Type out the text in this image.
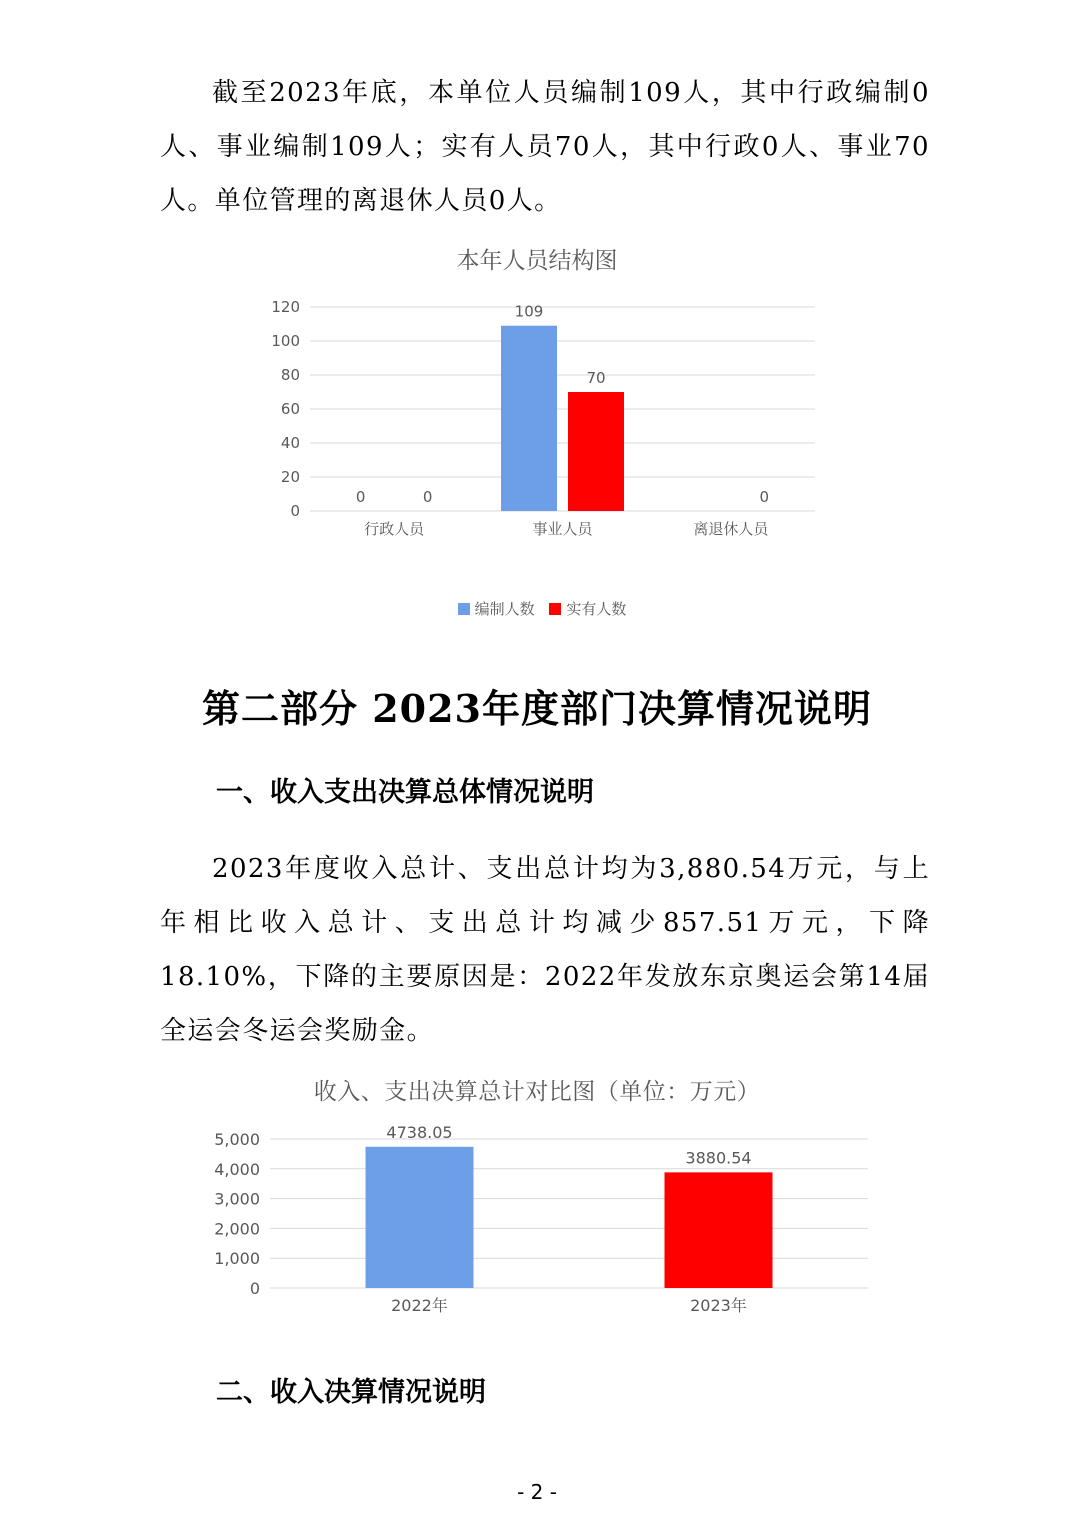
截至2023年底，本单位人员编制109人，其中行政编制0人、事业编制109人；实有人员70人，其中行政0人、事业70人。单位管理的离退休人员0人。

本年人员结构图
0
20
40
60
80
100
120
行政人员
0	0
事业人员
109
70
离退休人员
0
编制人数 实有人数
第二部分 2023年度部门决算情况说明
一、收入支出决算总体情况说明

2023年度收入总计、支出总计均为3,880.54万元，与上年相比收入总计、支出总计均减少857.51万元，下降18.10%，下降的主要原因是：2022年发放东京奥运会第14届全运会冬运会奖励金。

收入、支出决算总计对比图（单位：万元）
0
1,000
2,000
3,000
4,000
5,000	4738.05
2022年
3880.54
2023年
二、收入决算情况说明
- 2 -
